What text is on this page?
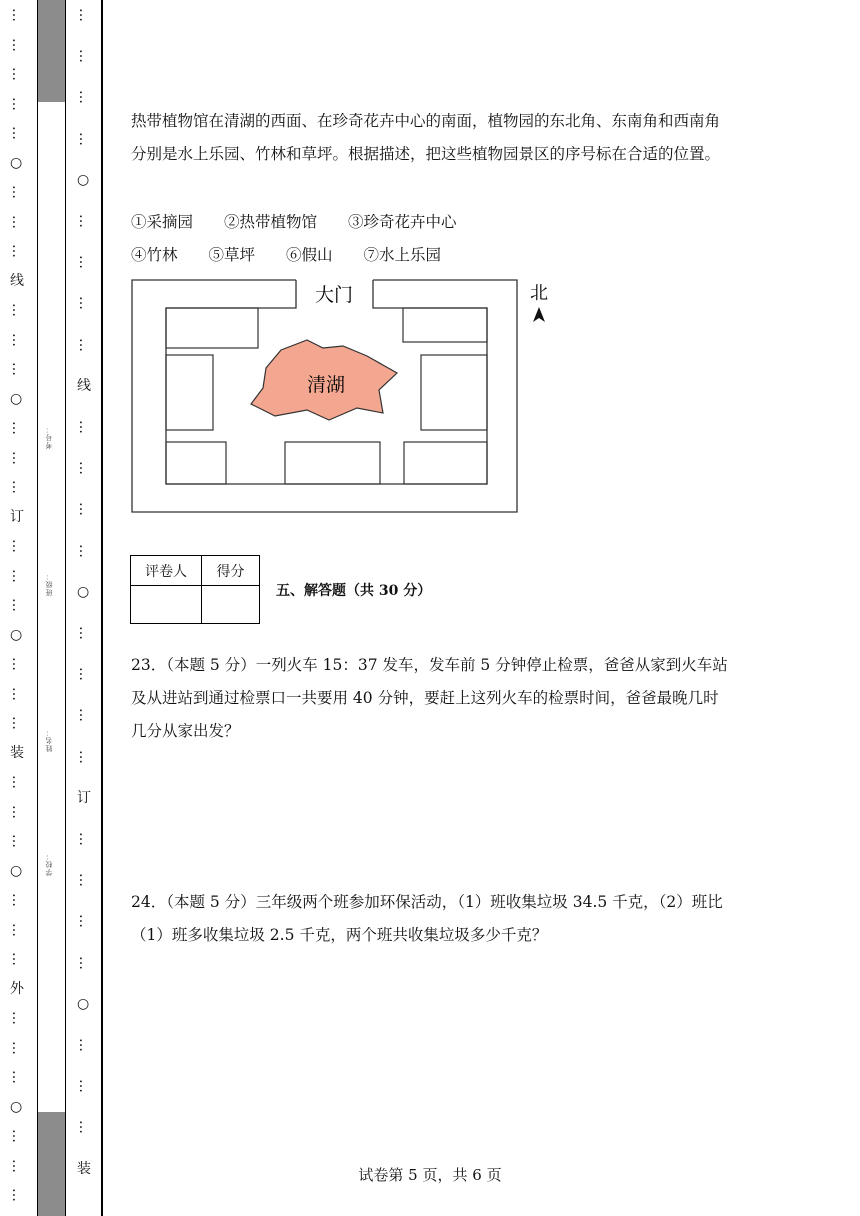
…
…
…
…
…
○
…
…
…
线
…
…
…
○
…
…
…
订
…
…
…
○
…
…
…
装
…
…
…
○
…
…
…
外
…
…
…
○
…
…
…
考号：
班级：
姓名：
学校：
…
…
…
…
○
…
…
…
…
线
…
…
…
…
○
…
…
…
…
订
…
…
…
…
○
…
…
…
装
热带植物馆在清湖的西面、在珍奇花卉中心的南面，植物园的东北角、东南角和西南角分别是水上乐园、竹林和草坪。根据描述，把这些植物园景区的序号标在合适的位置。
①采摘园　　②热带植物馆　　③珍奇花卉中心
④竹林　　⑤草坪　　⑥假山　　⑦水上乐园
清湖
大门	北
评卷人	得分

五、解答题（共 30 分）
23．（本题 5 分）一列火车 15：37 发车，发车前 5 分钟停止检票，爸爸从家到火车站及从进站到通过检票口一共要用 40 分钟，要赶上这列火车的检票时间，爸爸最晚几时几分从家出发？
24．（本题 5 分）三年级两个班参加环保活动，（1）班收集垃圾 34.5 千克，（2）班比（1）班多收集垃圾 2.5 千克，两个班共收集垃圾多少千克？
试卷第 5 页，共 6 页
